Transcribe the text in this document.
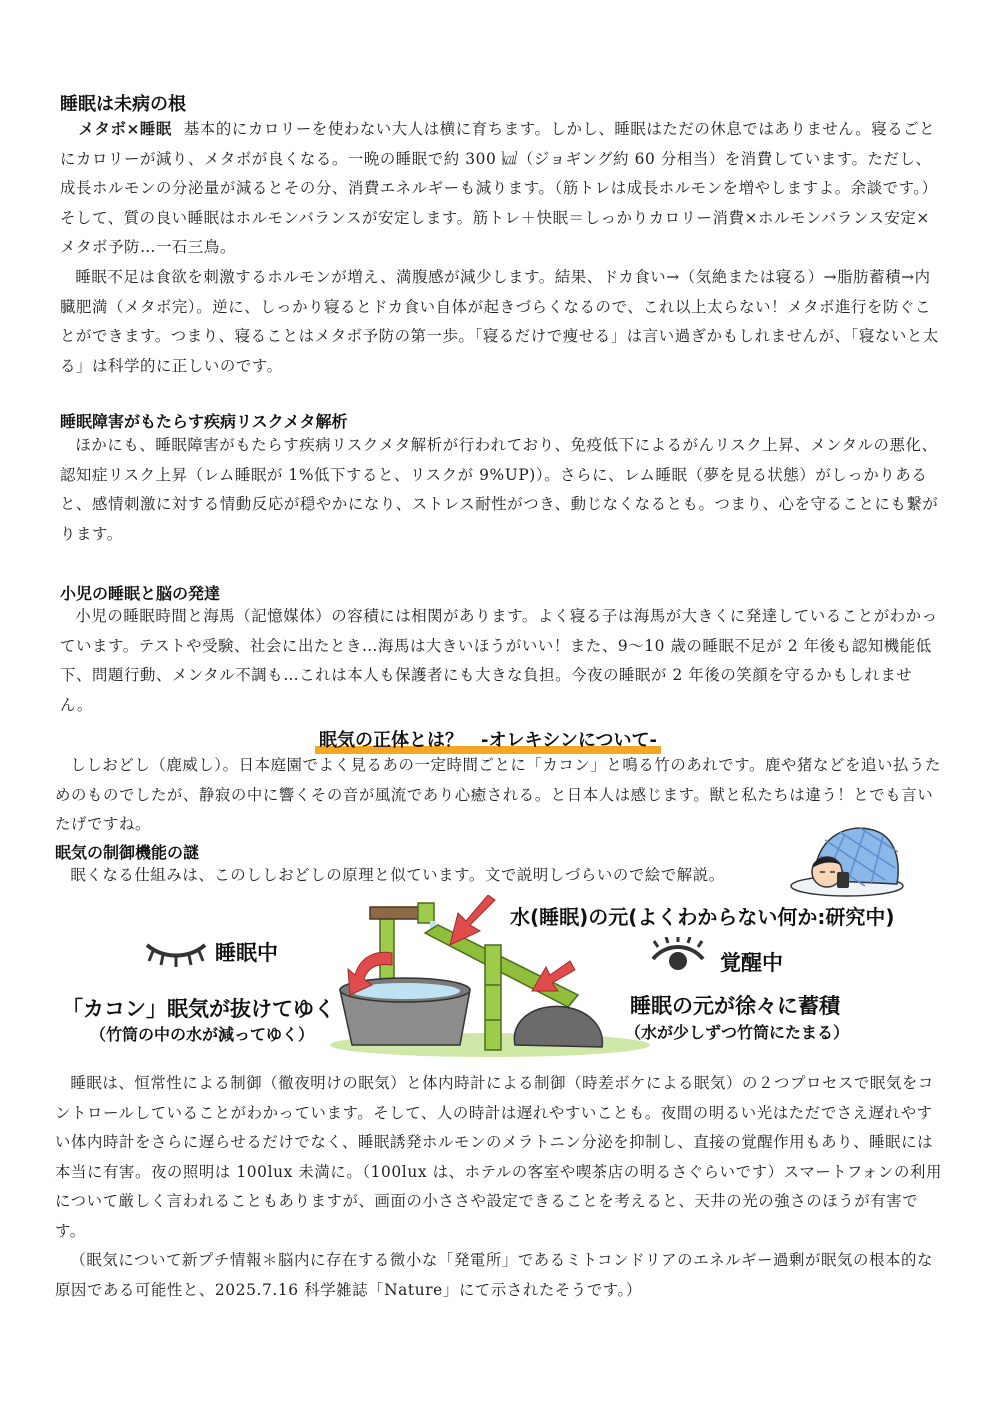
睡眠は未病の根
メタボ×睡眠 基本的にカロリーを使わない大人は横に育ちます。しかし、睡眠はただの休息ではありません。寝るごとにカロリーが減り、メタボが良くなる。一晩の睡眠で約 300 ㎉（ジョギング約 60 分相当）を消費しています。ただし、成長ホルモンの分泌量が減るとその分、消費エネルギーも減ります。（筋トレは成長ホルモンを増やしますよ。余談です。）そして、質の良い睡眠はホルモンバランスが安定します。筋トレ＋快眠＝しっかりカロリー消費×ホルモンバランス安定×メタボ予防…一石三鳥。
睡眠不足は食欲を刺激するホルモンが増え、満腹感が減少します。結果、ドカ食い→（気絶または寝る）→脂肪蓄積→内臓肥満（メタボ完）。逆に、しっかり寝るとドカ食い自体が起きづらくなるので、これ以上太らない！メタボ進行を防ぐことができます。つまり、寝ることはメタボ予防の第一歩。「寝るだけで痩せる」は言い過ぎかもしれませんが、「寝ないと太る」は科学的に正しいのです。
睡眠障害がもたらす疾病リスクメタ解析
ほかにも、睡眠障害がもたらす疾病リスクメタ解析が行われており、免疫低下によるがんリスク上昇、メンタルの悪化、認知症リスク上昇（レム睡眠が 1%低下すると、リスクが 9%UP)）。さらに、レム睡眠（夢を見る状態）がしっかりあると、感情刺激に対する情動反応が穏やかになり、ストレス耐性がつき、動じなくなるとも。つまり、心を守ることにも繋がります。
小児の睡眠と脳の発達
小児の睡眠時間と海馬（記憶媒体）の容積には相関があります。よく寝る子は海馬が大きくに発達していることがわかっています。テストや受験、社会に出たとき…海馬は大きいほうがいい！また、9〜10 歳の睡眠不足が 2 年後も認知機能低下、問題行動、メンタル不調も…これは本人も保護者にも大きな負担。今夜の睡眠が 2 年後の笑顔を守るかもしれません。
眠気の正体とは？　-オレキシンについて-
ししおどし（鹿威し）。日本庭園でよく見るあの一定時間ごとに「カコン」と鳴る竹のあれです。鹿や猪などを追い払うためのものでしたが、静寂の中に響くその音が風流であり心癒される。と日本人は感じます。獣と私たちは違う！とでも言いたげですね。
眠気の制御機能の謎
眠くなる仕組みは、このししおどしの原理と似ています。文で説明しづらいので絵で解説。
睡眠中	覚醒中
水(睡眠)の元(よくわからない何か:研究中)
「カコン」眠気が抜けてゆく
（竹筒の中の水が減ってゆく）
睡眠の元が徐々に蓄積
（水が少しずつ竹筒にたまる）
睡眠は、恒常性による制御（徹夜明けの眠気）と体内時計による制御（時差ボケによる眠気）の２つプロセスで眠気をコントロールしていることがわかっています。そして、人の時計は遅れやすいことも。夜間の明るい光はただでさえ遅れやすい体内時計をさらに遅らせるだけでなく、睡眠誘発ホルモンのメラトニン分泌を抑制し、直接の覚醒作用もあり、睡眠には本当に有害。夜の照明は 100lux 未満に。（100lux は、ホテルの客室や喫茶店の明るさぐらいです）スマートフォンの利用について厳しく言われることもありますが、画面の小ささや設定できることを考えると、天井の光の強さのほうが有害です。
（眠気について新プチ情報＊脳内に存在する微小な「発電所」であるミトコンドリアのエネルギー過剰が眠気の根本的な原因である可能性と、2025.7.16 科学雑誌「Nature」にて示されたそうです。）
